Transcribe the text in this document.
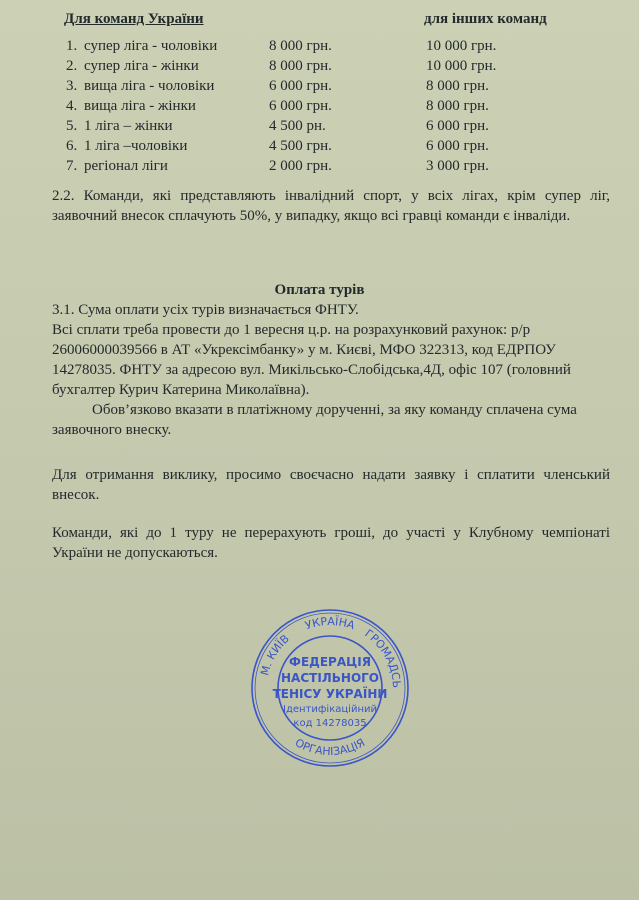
Для команд України	для інших команд
1. супер ліга - чоловіки	8 000 грн.	10 000 грн.
2. супер ліга - жінки	8 000 грн.	10 000 грн.
3. вища ліга - чоловіки	6 000 грн.	8 000 грн.
4. вища ліга - жінки	6 000 грн.	8 000 грн.
5. 1 ліга – жінки	4 500 рн.	6 000 грн.
6. 1 ліга –чоловіки	4 500 грн.	6 000 грн.
7. регіонал ліги	2 000 грн.	3 000 грн.

2.2. Команди, які представляють інвалідний спорт, у всіх лігах, крім супер ліг, заявочний внесок сплачують 50%, у випадку, якщо всі гравці команди є інваліди.

Оплата турів

3.1. Сума оплати усіх турів визначається ФНТУ.
Всі сплати треба провести до 1 вересня ц.р. на розрахунковий рахунок: р/р
26006000039566 в АТ «Укрексімбанку» у м. Києві, МФО 322313, код ЕДРПОУ
14278035. ФНТУ за адресою вул. Микільсько-Слобідська,4Д, офіс 107 (головний
бухгалтер Курич Катерина Миколаївна).
Обов’язково вказати в платіжному дорученні, за яку команду сплачена сума
заявочного внеску.

Для отримання виклику, просимо своєчасно надати заявку і сплатити членський внесок.

Команди, які до 1 туру не перерахують гроші, до участі у Клубному чемпіонаті України не допускаються.

УКРАЇНА
М. КИЇВ	ГРОМАДСЬКА
ОРГАНІЗАЦІЯ
ФЕДЕРАЦІЯ
НАСТІЛЬНОГО
ТЕНІСУ УКРАЇНИ
Ідентифікаційний
код 14278035
